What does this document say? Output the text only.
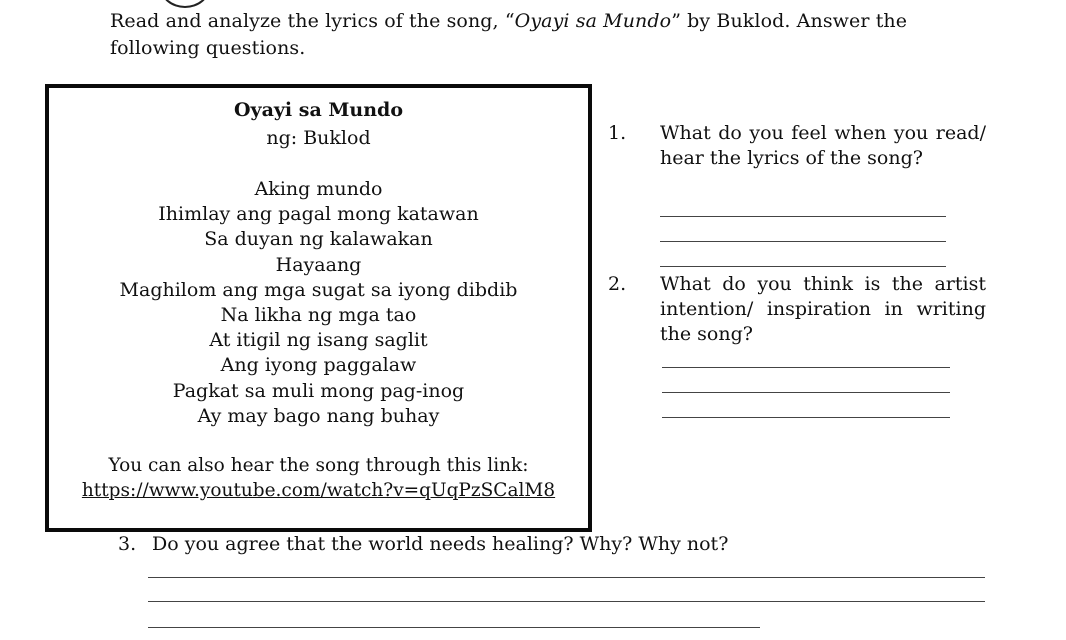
Read and analyze the lyrics of the song, “Oyayi sa Mundo” by Buklod. Answer the
following questions.
Oyayi sa Mundo
ng: Buklod
Aking mundo
Ihimlay ang pagal mong katawan
Sa duyan ng kalawakan
Hayaang
Maghilom ang mga sugat sa iyong dibdib
Na likha ng mga tao
At itigil ng isang saglit
Ang iyong paggalaw
Pagkat sa muli mong pag-inog
Ay may bago nang buhay
You can also hear the song through this link:
https://www.youtube.com/watch?v=qUqPzSCalM8
1. What do you feel when you read/ hear the lyrics of the song?
2. What do you think is the artist intention/ inspiration in writing the song?
3. Do you agree that the world needs healing? Why? Why not?
